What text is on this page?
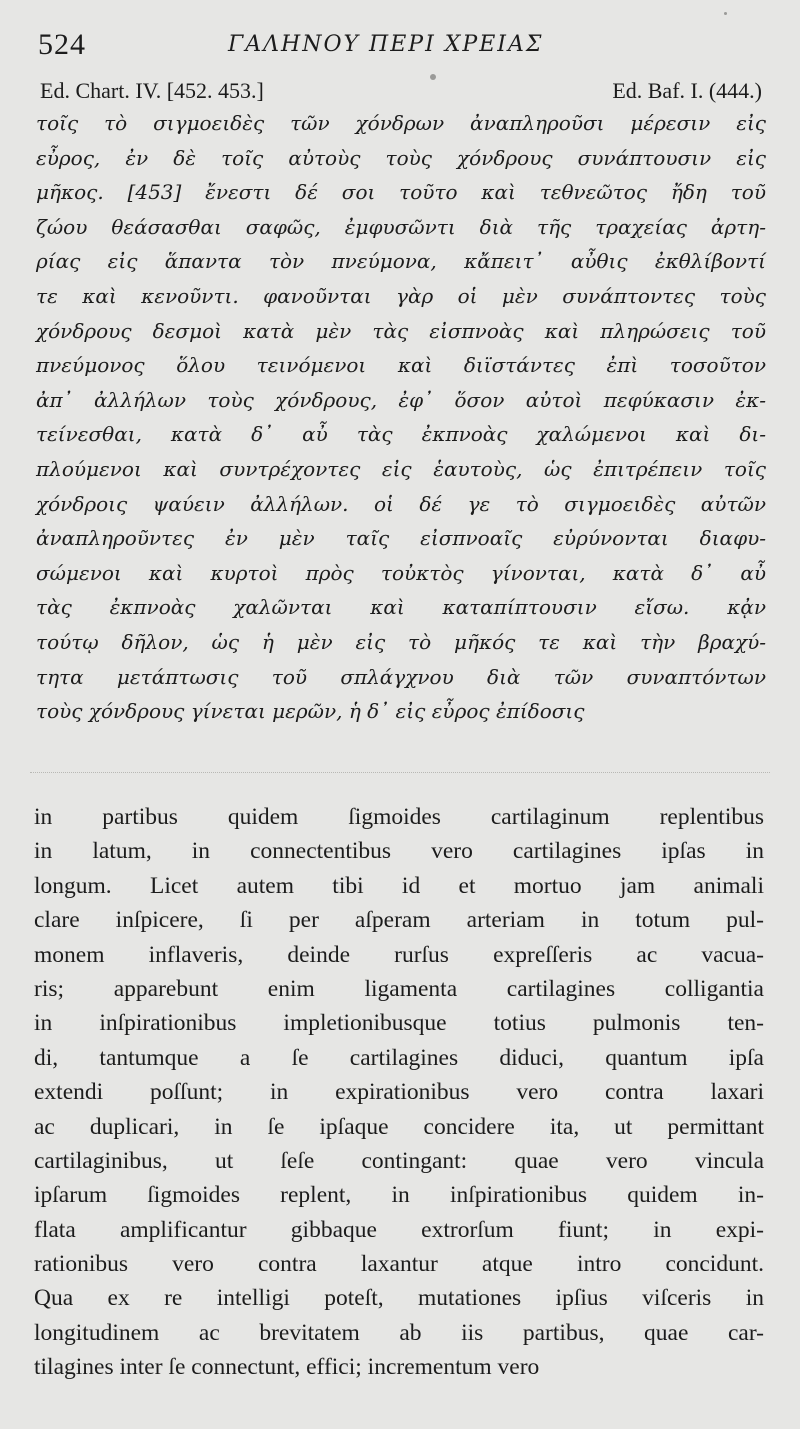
524	ΓΑΛΗΝΟΥ ΠΕΡΙ ΧΡΕΙΑΣ
Ed. Chart. IV. [452. 453.]	Ed. Baf. I. (444.)
τοῖς τὸ σιγμοειδὲς τῶν χόνδρων ἀναπληροῦσι μέρεσιν εἰς
εὖρος, ἐν δὲ τοῖς αὐτοὺς τοὺς χόνδρους συνάπτουσιν εἰς
μῆκος. [453] ἔνεστι δέ σοι τοῦτο καὶ τεθνεῶτος ἤδη τοῦ
ζώου θεάσασθαι σαφῶς, ἐμφυσῶντι διὰ τῆς τραχείας ἀρτη-
ρίας εἰς ἅπαντα τὸν πνεύμονα, κἄπειτ᾽ αὖθις ἐκθλίβοντί
τε καὶ κενοῦντι. φανοῦνται γὰρ οἱ μὲν συνάπτοντες τοὺς
χόνδρους δεσμοὶ κατὰ μὲν τὰς εἰσπνοὰς καὶ πληρώσεις τοῦ
πνεύμονος ὅλου τεινόμενοι καὶ διϊστάντες ἐπὶ τοσοῦτον
ἀπ᾽ ἀλλήλων τοὺς χόνδρους, ἐφ᾽ ὅσον αὐτοὶ πεφύκασιν ἐκ-
τείνεσθαι, κατὰ δ᾽ αὖ τὰς ἐκπνοὰς χαλώμενοι καὶ δι-
πλούμενοι καὶ συντρέχοντες εἰς ἑαυτοὺς, ὡς ἐπιτρέπειν τοῖς
χόνδροις ψαύειν ἀλλήλων. οἱ δέ γε τὸ σιγμοειδὲς αὐτῶν
ἀναπληροῦντες ἐν μὲν ταῖς εἰσπνοαῖς εὐρύνονται διαφυ-
σώμενοι καὶ κυρτοὶ πρὸς τοὐκτὸς γίνονται, κατὰ δ᾽ αὖ
τὰς ἐκπνοὰς χαλῶνται καὶ καταπίπτουσιν εἴσω. κᾀν
τούτῳ δῆλον, ὡς ἡ μὲν εἰς τὸ μῆκός τε καὶ τὴν βραχύ-
τητα μετάπτωσις τοῦ σπλάγχνου διὰ τῶν συναπτόντων
τοὺς χόνδρους γίνεται μερῶν, ἡ δ᾽ εἰς εὖρος ἐπίδοσις
in partibus quidem ſigmoides cartilaginum replentibus
in latum, in connectentibus vero cartilagines ipſas in
longum. Licet autem tibi id et mortuo jam animali
clare inſpicere, ſi per aſperam arteriam in totum pul-
monem inflaveris, deinde rurſus expreſſeris ac vacua-
ris; apparebunt enim ligamenta cartilagines colligantia
in inſpirationibus impletionibusque totius pulmonis ten-
di, tantumque a ſe cartilagines diduci, quantum ipſa
extendi poſſunt; in expirationibus vero contra laxari
ac duplicari, in ſe ipſaque concidere ita, ut permittant
cartilaginibus, ut ſeſe contingant: quae vero vincula
ipſarum ſigmoides replent, in inſpirationibus quidem in-
flata amplificantur gibbaque extrorſum fiunt; in expi-
rationibus vero contra laxantur atque intro concidunt.
Qua ex re intelligi poteſt, mutationes ipſius viſceris in
longitudinem ac brevitatem ab iis partibus, quae car-
tilagines inter ſe connectunt, effici; incrementum vero
